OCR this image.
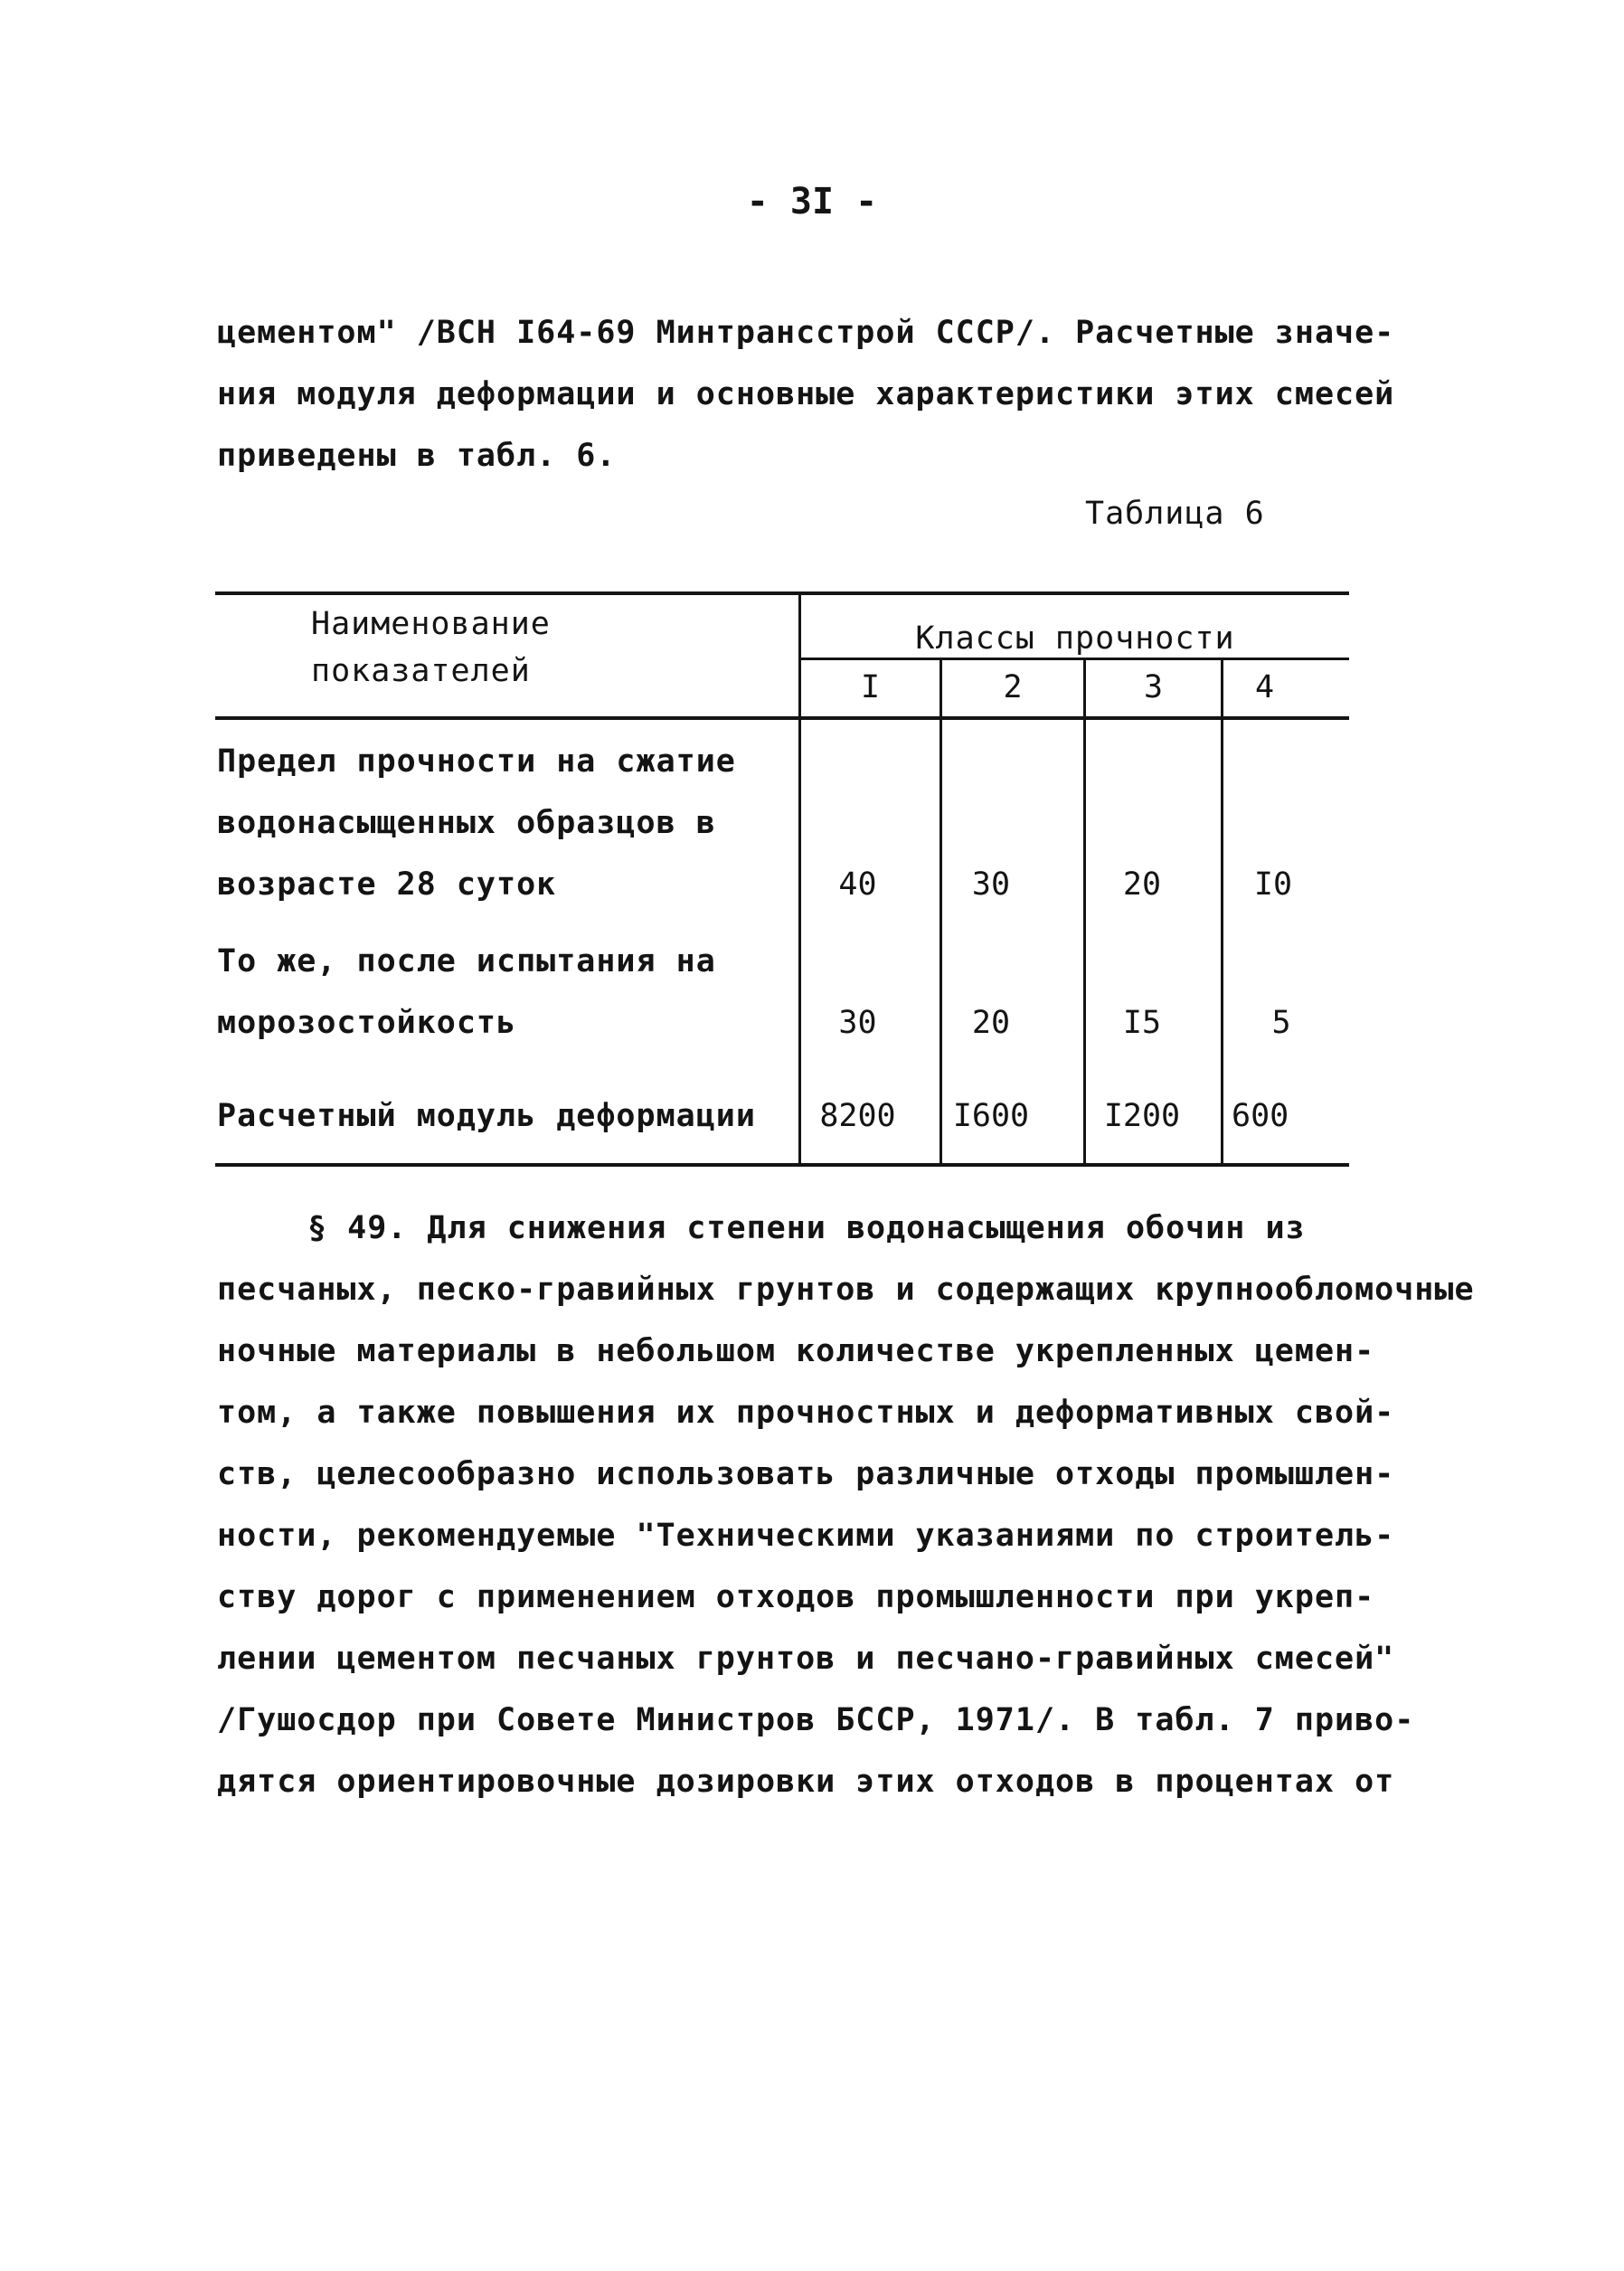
- 3I -
цементом" /ВСН I64-69 Минтрансстрой СССР/. Расчетные значе-
ния модуля деформации и основные характеристики этих смесей
приведены в табл. 6.
Таблица 6
Наименование
показателей
Классы прочности
I	2	3	4
Предел прочности на сжатие
водонасыщенных образцов в
возрасте 28 суток	40	30	20	I0
То же, после испытания на
морозостойкость	30	20	I5	5
Расчетный модуль деформации	8200	I600	I200	600
§ 49. Для снижения степени водонасыщения обочин из
песчаных, песко-гравийных грунтов и содержащих крупнообломочные
ночные материалы в небольшом количестве укрепленных цемен-
том, а также повышения их прочностных и деформативных свой-
ств, целесообразно использовать различные отходы промышлен-
ности, рекомендуемые "Техническими указаниями по строитель-
ству дорог с применением отходов промышленности при укреп-
лении цементом песчаных грунтов и песчано-гравийных смесей"
/Гушосдор при Совете Министров БССР, 1971/. В табл. 7 приво-
дятся ориентировочные дозировки этих отходов в процентах от
